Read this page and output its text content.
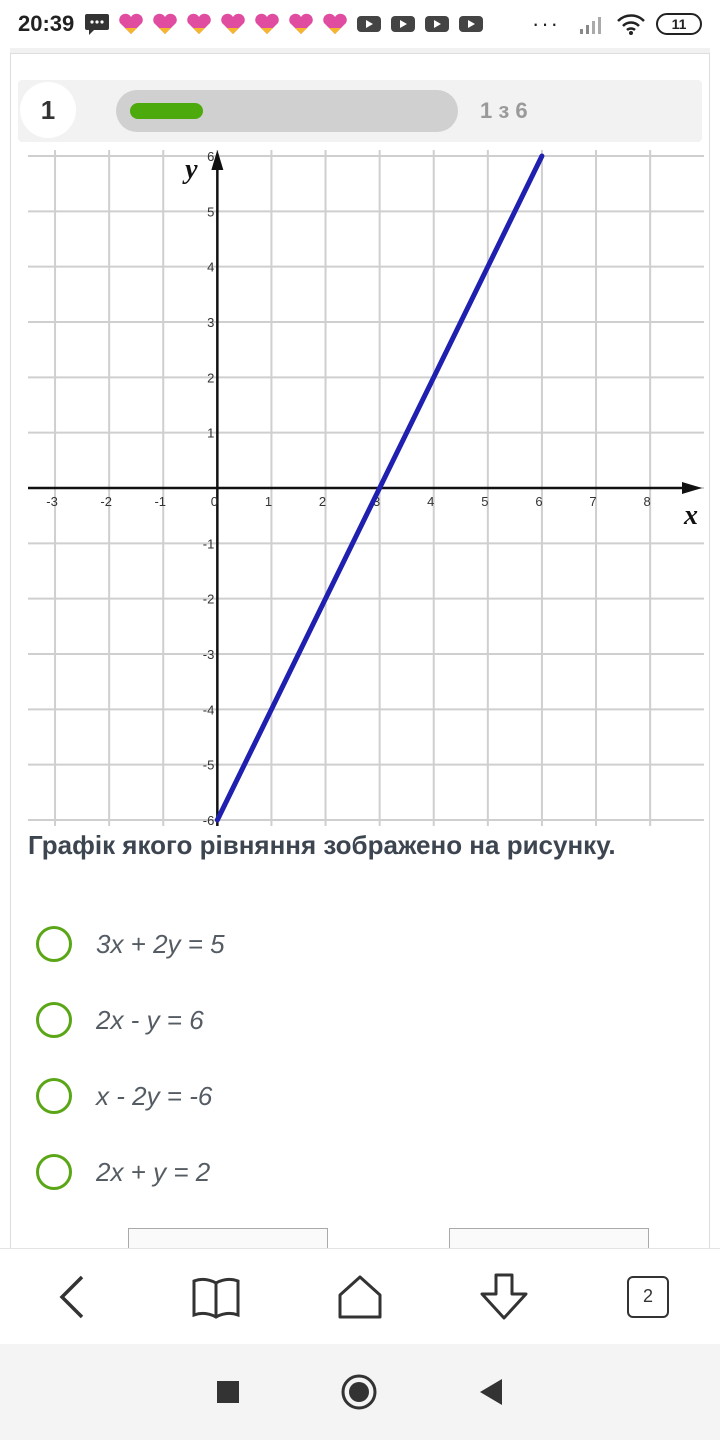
20:39	···	11
1	1 з 6
-3	-2	-1	0	1	2	3	4	5	6	7	8
-6
-5
-4
-3
-2
-1
1
2
3
4
5
6
x
y
Графік якого рівняння зображено на рисунку.
3x + 2y = 5
2x - y = 6
x - 2y = -6
2x + y = 2
2
